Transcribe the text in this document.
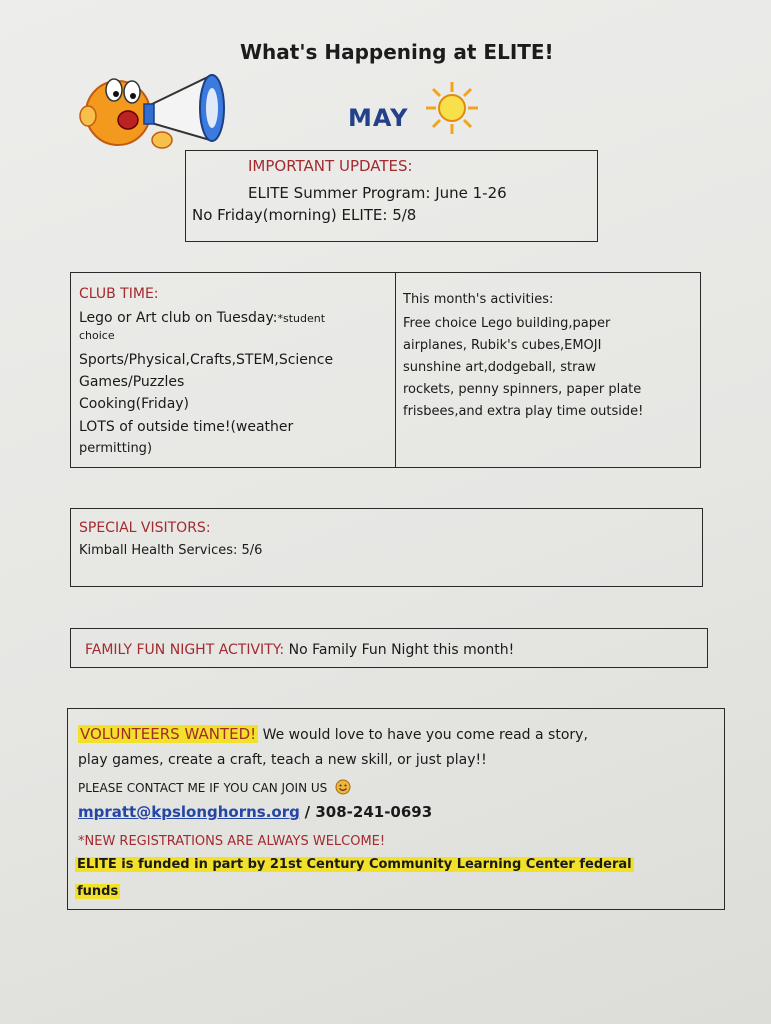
What's Happening at ELITE!
MAY
IMPORTANT UPDATES:
ELITE Summer Program: June 1-26
No Friday(morning) ELITE: 5/8
CLUB TIME:
Lego or Art club on Tuesday:*student
choice
Sports/Physical,Crafts,STEM,Science
Games/Puzzles
Cooking(Friday)
LOTS of outside time!(weather
permitting)
This month's activities:
Free choice Lego building,paper
airplanes, Rubik's cubes,EMOJI
sunshine art,dodgeball, straw
rockets, penny spinners, paper plate
frisbees,and extra play time outside!
SPECIAL VISITORS:
Kimball Health Services: 5/6
FAMILY FUN NIGHT ACTIVITY: No Family Fun Night this month!
VOLUNTEERS WANTED! We would love to have you come read a story,
play games, create a craft, teach a new skill, or just play!!
PLEASE CONTACT ME IF YOU CAN JOIN US
mpratt@kpslonghorns.org / 308-241-0693
*NEW REGISTRATIONS ARE ALWAYS WELCOME!
ELITE is funded in part by 21st Century Community Learning Center federal
funds
